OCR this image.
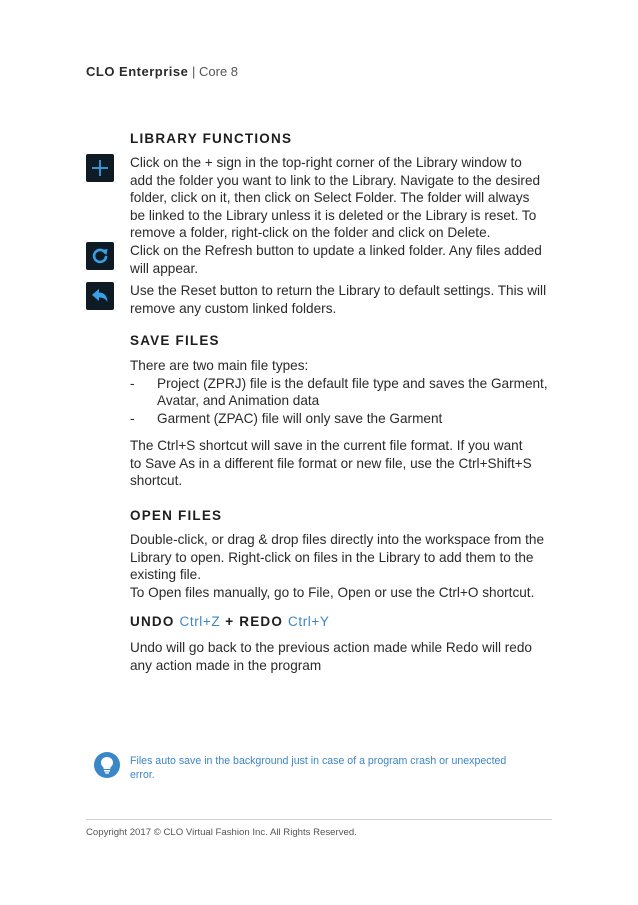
CLO Enterprise | Core 8
LIBRARY FUNCTIONS

Click on the + sign in the top-right corner of the Library window to
add the folder you want to link to the Library. Navigate to the desired
folder, click on it, then click on Select Folder. The folder will always
be linked to the Library unless it is deleted or the Library is reset. To
remove a folder, right-click on the folder and click on Delete.

Click on the Refresh button to update a linked folder. Any files added
will appear.

Use the Reset button to return the Library to default settings. This will
remove any custom linked folders.

SAVE FILES

There are two main file types:
- Project (ZPRJ) file is the default file type and saves the Garment,
Avatar, and Animation data
- Garment (ZPAC) file will only save the Garment

The Ctrl+S shortcut will save in the current file format. If you want
to Save As in a different file format or new file, use the Ctrl+Shift+S
shortcut.

OPEN FILES

Double-click, or drag & drop files directly into the workspace from the
Library to open. Right-click on files in the Library to add them to the
existing file.
To Open files manually, go to File, Open or use the Ctrl+O shortcut.

UNDO Ctrl+Z + REDO Ctrl+Y

Undo will go back to the previous action made while Redo will redo
any action made in the program

Files auto save in the background just in case of a program crash or unexpected
error.
Copyright 2017 © CLO Virtual Fashion Inc. All Rights Reserved.
